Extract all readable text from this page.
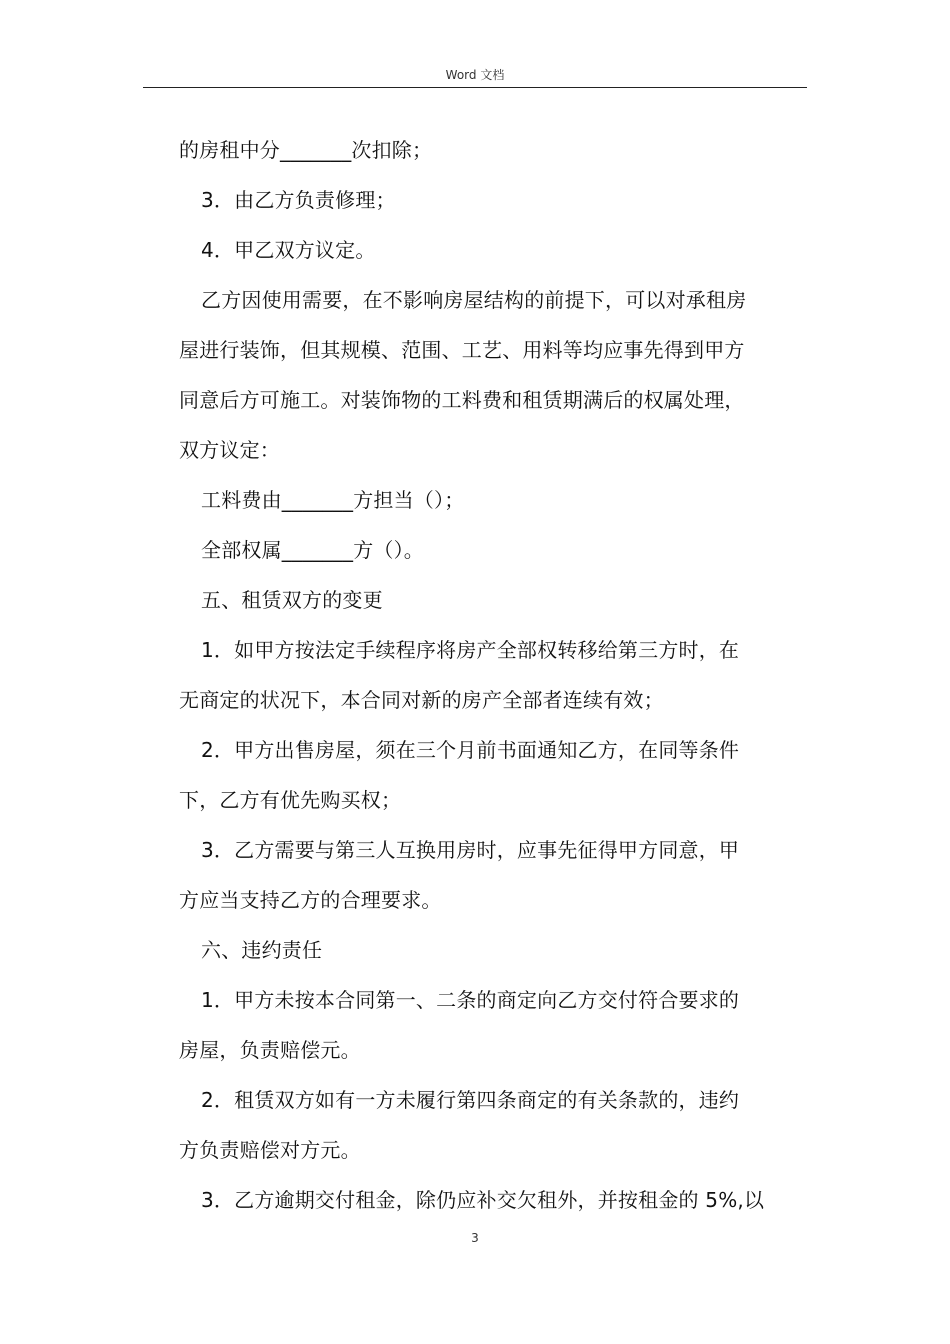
Word 文档

的房租中分_______次扣除；

3．由乙方负责修理；

4．甲乙双方议定。

乙方因使用需要，在不影响房屋结构的前提下，可以对承租房

屋进行装饰，但其规模、范围、工艺、用料等均应事先得到甲方

同意后方可施工。对装饰物的工料费和租赁期满后的权属处理，

双方议定：

工料费由_______方担当（）；

全部权属_______方（）。

五、租赁双方的变更

1．如甲方按法定手续程序将房产全部权转移给第三方时，在

无商定的状况下，本合同对新的房产全部者连续有效；

2．甲方出售房屋，须在三个月前书面通知乙方，在同等条件

下，乙方有优先购买权；

3．乙方需要与第三人互换用房时，应事先征得甲方同意，甲

方应当支持乙方的合理要求。

六、违约责任

1．甲方未按本合同第一、二条的商定向乙方交付符合要求的

房屋，负责赔偿元。

2．租赁双方如有一方未履行第四条商定的有关条款的，违约

方负责赔偿对方元。

3．乙方逾期交付租金，除仍应补交欠租外，并按租金的 5%,以

3
